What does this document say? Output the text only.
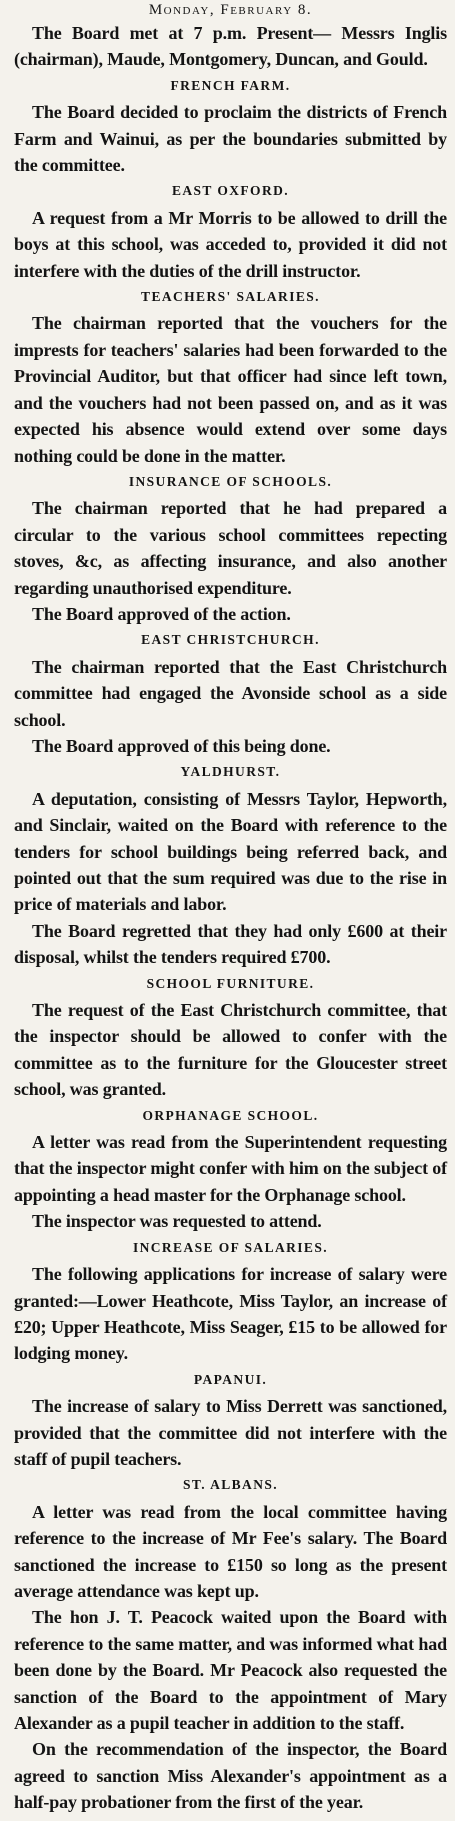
Monday, February 8.

The Board met at 7 p.m. Present— Messrs Inglis (chairman), Maude, Montgomery, Duncan, and Gould.

FRENCH FARM.

The Board decided to proclaim the districts of French Farm and Wainui, as per the boundaries submitted by the committee.

EAST OXFORD.

A request from a Mr Morris to be allowed to drill the boys at this school, was acceded to, provided it did not interfere with the duties of the drill instructor.

TEACHERS' SALARIES.

The chairman reported that the vouchers for the imprests for teachers' salaries had been forwarded to the Provincial Auditor, but that officer had since left town, and the vouchers had not been passed on, and as it was expected his absence would extend over some days nothing could be done in the matter.

INSURANCE OF SCHOOLS.

The chairman reported that he had prepared a circular to the various school committees repecting stoves, &c, as affecting insurance, and also another regarding unauthorised expenditure.

The Board approved of the action.

EAST CHRISTCHURCH.

The chairman reported that the East Christchurch committee had engaged the Avonside school as a side school.

The Board approved of this being done.

YALDHURST.

A deputation, consisting of Messrs Taylor, Hepworth, and Sinclair, waited on the Board with reference to the tenders for school buildings being referred back, and pointed out that the sum required was due to the rise in price of materials and labor.

The Board regretted that they had only £600 at their disposal, whilst the tenders required £700.

SCHOOL FURNITURE.

The request of the East Christchurch committee, that the inspector should be allowed to confer with the committee as to the furniture for the Gloucester street school, was granted.

ORPHANAGE SCHOOL.

A letter was read from the Superintendent requesting that the inspector might confer with him on the subject of appointing a head master for the Orphanage school.

The inspector was requested to attend.

INCREASE OF SALARIES.

The following applications for increase of salary were granted:—Lower Heathcote, Miss Taylor, an increase of £20; Upper Heathcote, Miss Seager, £15 to be allowed for lodging money.

PAPANUI.

The increase of salary to Miss Derrett was sanctioned, provided that the committee did not interfere with the staff of pupil teachers.

ST. ALBANS.

A letter was read from the local committee having reference to the increase of Mr Fee's salary. The Board sanctioned the increase to £150 so long as the present average attendance was kept up.

The hon J. T. Peacock waited upon the Board with reference to the same matter, and was informed what had been done by the Board. Mr Peacock also requested the sanction of the Board to the appointment of Mary Alexander as a pupil teacher in addition to the staff.

On the recommendation of the inspector, the Board agreed to sanction Miss Alexander's appointment as a half-pay probationer from the first of the year.
